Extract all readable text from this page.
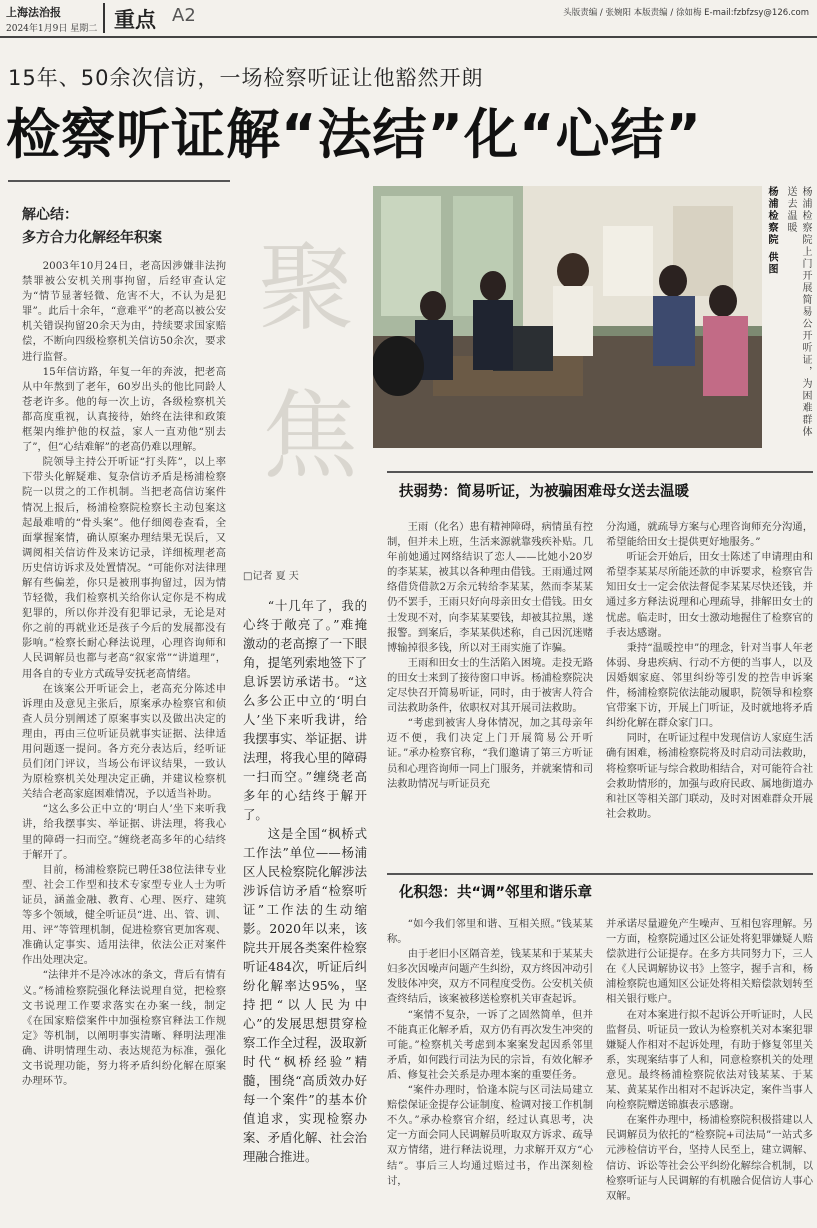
上海法治报
2024年1月9日 星期二 重点 A2	头版责编 / 张婉阳 本版责编 / 徐如梅 E-mail:fzbfzsy@126.com
15年、50余次信访，一场检察听证让他豁然开朗
检察听证解“法结”化“心结”
解心结：
多方合力化解经年积案

2003年10月24日，老高因涉嫌非法拘禁罪被公安机关刑事拘留，后经审查认定为“情节显著轻微、危害不大，不认为是犯罪”。此后十余年，“意难平”的老高以被公安机关错误拘留20余天为由，持续要求国家赔偿，不断向四级检察机关信访50余次，要求进行监督。

15年信访路，年复一年的奔波，把老高从中年熬到了老年，60岁出头的他比同龄人苍老许多。他的每一次上访，各级检察机关都高度重视，认真接待，始终在法律和政策框架内维护他的权益，家人一直劝他“别去了”，但“心结难解”的老高仍难以理解。

院领导主持公开听证“打头阵”，以上率下带头化解疑难、复杂信访矛盾是杨浦检察院一以贯之的工作机制。当把老高信访案件情况上报后，杨浦检察院检察长主动包案这起最难啃的“骨头案”。他仔细阅卷查看，全面掌握案情，确认原案办理结果无误后，又调阅相关信访件及来访记录，详细梳理老高历史信访诉求及处置情况。“可能你对法律理解有些偏差，你只是被刑事拘留过，因为情节轻微，我们检察机关给你认定你是不构成犯罪的，所以你并没有犯罪记录，无论是对你之前的再就业还是孩子今后的发展都没有影响。”检察长耐心释法说理，心理咨询师和人民调解员也都与老高“叙家常”“讲道理”，用各自的专业方式疏导安抚老高情绪。

在该案公开听证会上，老高充分陈述申诉理由及意见主张后，原案承办检察官和侦查人员分别阐述了原案事实以及做出决定的理由，再由三位听证员就事实证据、法律适用问题逐一提问。各方充分表达后，经听证员们闭门评议，当场公布评议结果，一致认为原检察机关处理决定正确，并建议检察机关结合老高家庭困难情况，予以适当补助。

“这么多公正中立的‘明白人’坐下来听我讲，给我摆事实、举证据、讲法理，将我心里的障碍一扫而空。”缠绕老高多年的心结终于解开了。

目前，杨浦检察院已聘任38位法律专业型、社会工作型和技术专家型专业人士为听证员，涵盖金融、教育、心理、医疗、建筑等多个领域，健全听证员“进、出、管、训、用、评”等管理机制，促进检察官更加客观、准确认定事实、适用法律，依法公正对案件作出处理决定。

“法律并不是冷冰冰的条文，背后有情有义。”杨浦检察院强化释法说理自觉，把检察文书说理工作要求落实在办案一线，制定《在国家赔偿案件中加强检察官释法工作规定》等机制，以阐明事实清晰、释明法理准确、讲明情理生动、表达规范为标准，强化文书说理功能，努力将矛盾纠纷化解在原案办理环节。

聚
焦	杨浦检察院上门开展简易公开听证，为困难群体送去温暖
杨浦检察院 供图
□记者 夏 天

“十几年了，我的心终于敞亮了。”难掩激动的老高擦了一下眼角，提笔列索地签下了息诉罢访承诺书。“这么多公正中立的‘明白人’坐下来听我讲，给我摆事实、举证据、讲法理，将我心里的障碍一扫而空。”缠绕老高多年的心结终于解开了。

这是全国“枫桥式工作法”单位——杨浦区人民检察院化解涉法涉诉信访矛盾“检察听证”工作法的生动缩影。2020年以来，该院共开展各类案件检察听证484次，听证后纠纷化解率达95%，坚持把“以人民为中心”的发展思想贯穿检察工作全过程，汲取新时代“枫桥经验”精髓，围绕“高质效办好每一个案件”的基本价值追求，实现检察办案、矛盾化解、社会治理融合推进。

扶弱势：简易听证，为被骗困难母女送去温暖

王雨（化名）患有精神障碍，病情虽有控制，但并未上班，生活来源就靠残疾补贴。几年前她通过网络结识了恋人——比她小20岁的李某某，被其以各种理由借钱。王雨通过网络借贷借款2万余元转给李某某，然而李某某仍不罢手，王雨只好向母亲田女士借钱。田女士发现不对，向李某某要钱，却被其拉黑，遂报警。到案后，李某某供述称，自己因沉迷赌博输掉很多钱，所以对王雨实施了诈骗。

王雨和田女士的生活陷入困境。走投无路的田女士来到了接待窗口申诉。杨浦检察院决定尽快召开简易听证，同时，由于被害人符合司法救助条件，依职权对其开展司法救助。

“考虑到被害人身体情况，加之其母亲年迈不便，我们决定上门开展简易公开听证。”承办检察官称，“我们邀请了第三方听证员和心理咨询师一同上门服务，并就案情和司法救助情况与听证员充

分沟通，就疏导方案与心理咨询师充分沟通，希望能给田女士提供更好地服务。”

听证会开始后，田女士陈述了申请理由和希望李某某尽所能还款的申诉要求，检察官告知田女士一定会依法督促李某某尽快还钱，并通过多方释法说理和心理疏导，排解田女士的忧虑。临走时，田女士激动地握住了检察官的手表达感谢。

秉持“温暖控申”的理念，针对当事人年老体弱、身患疾病、行动不方便的当事人，以及因婚姻家庭、邻里纠纷等引发的控告申诉案件，杨浦检察院依法能动履职，院领导和检察官带案下访，开展上门听证，及时就地将矛盾纠纷化解在群众家门口。

同时，在听证过程中发现信访人家庭生活确有困难，杨浦检察院将及时启动司法救助，将检察听证与综合救助相结合，对可能符合社会救助情形的，加强与政府民政、属地街道办和社区等相关部门联动，及时对困难群众开展社会救助。

化积怨：共“调”邻里和谐乐章

“如今我们邻里和谐、互相关照。”钱某某称。

由于老旧小区隔音差，钱某某和于某某夫妇多次因噪声问题产生纠纷，双方终因冲动引发肢体冲突，双方不同程度受伤。公安机关侦查终结后，该案被移送检察机关审查起诉。

“案情不复杂，一诉了之固然简单，但并不能真正化解矛盾，双方仍有再次发生冲突的可能。”检察机关考虑到本案案发起因系邻里矛盾，如何践行司法为民的宗旨，有效化解矛盾、修复社会关系是办理本案的重要任务。

“案件办理时，恰逢本院与区司法局建立赔偿保证金提存公证制度、检调对接工作机制不久。”承办检察官介绍，经过认真思考，决定一方面会同人民调解员听取双方诉求、疏导双方情绪，进行释法说理，力求解开双方“心结”。事后三人均通过赔过书，作出深刻检讨，

并承诺尽量避免产生噪声、互相包容理解。另一方面，检察院通过区公证处将犯罪嫌疑人赔偿款进行公证提存。在多方共同努力下，三人在《人民调解协议书》上签字，握手言和，杨浦检察院也通知区公证处将相关赔偿款划转至相关银行账户。

在对本案进行拟不起诉公开听证时，人民监督员、听证员一致认为检察机关对本案犯罪嫌疑人作相对不起诉处理，有助于修复邻里关系，实现案结事了人和，同意检察机关的处理意见。最终杨浦检察院依法对钱某某、于某某、黄某某作出相对不起诉决定，案件当事人向检察院赠送锦旗表示感谢。

在案件办理中，杨浦检察院积极搭建以人民调解员为依托的“检察院+司法局”一站式多元涉检信访平台，坚持人民至上，建立调解、信访、诉讼等社会公平纠纷化解综合机制，以检察听证与人民调解的有机融合促信访人事心双解。
